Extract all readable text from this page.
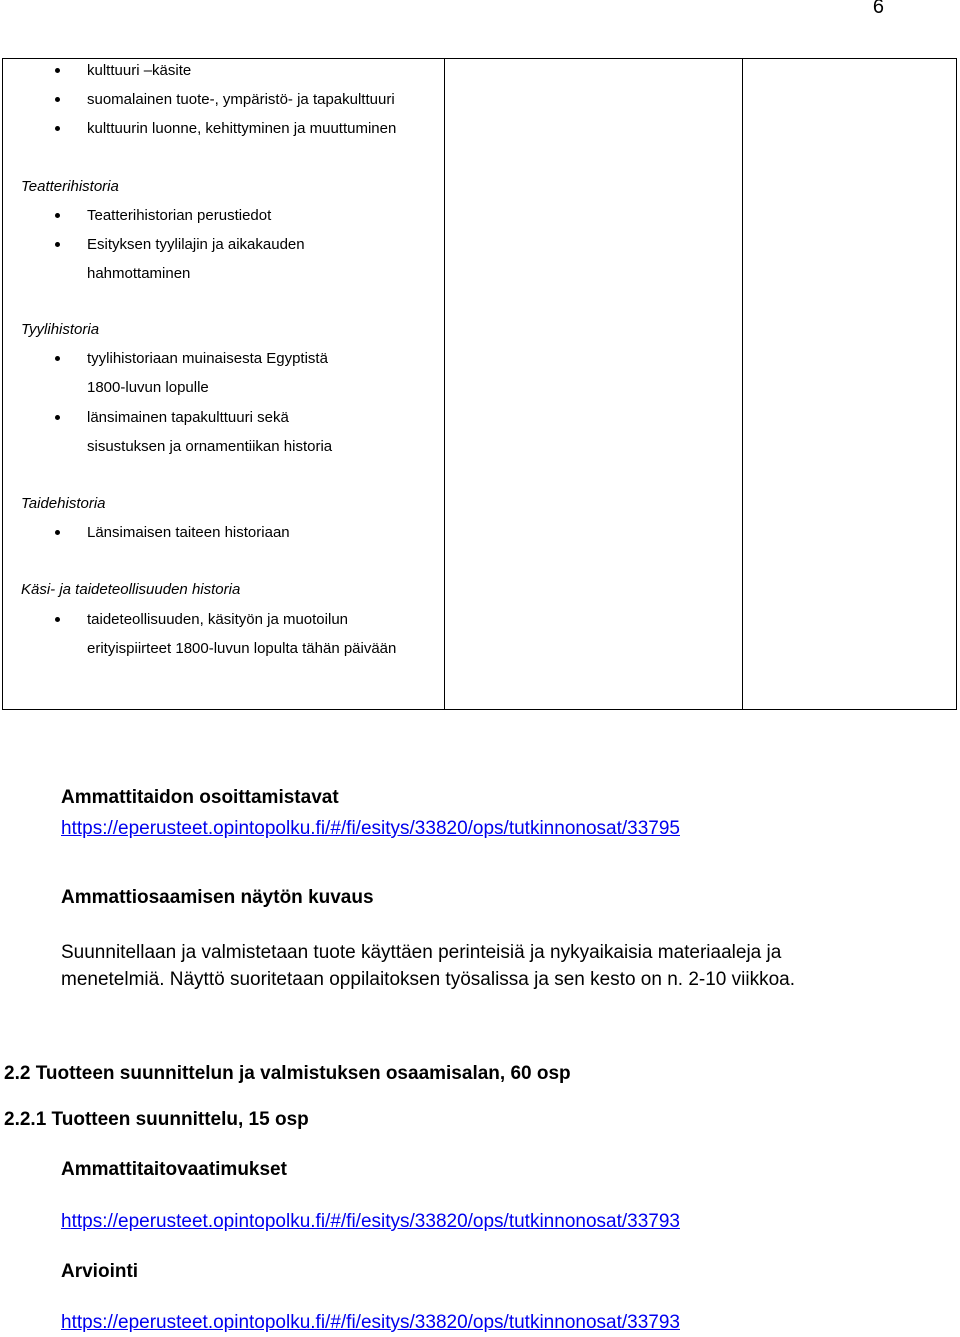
6
kulttuuri –käsite
suomalainen tuote-, ympäristö- ja tapakulttuuri
kulttuurin luonne, kehittyminen ja muuttuminen
Teatterihistoria
Teatterihistorian perustiedot
Esityksen tyylilajin ja aikakauden
hahmottaminen
Tyylihistoria
tyylihistoriaan muinaisesta Egyptistä
1800-luvun lopulle
länsimainen tapakulttuuri sekä
sisustuksen ja ornamentiikan historia
Taidehistoria
Länsimaisen taiteen historiaan
Käsi- ja taideteollisuuden historia
taideteollisuuden, käsityön ja muotoilun
erityispiirteet 1800-luvun lopulta tähän päivään
Ammattitaidon osoittamistavat
https://eperusteet.opintopolku.fi/#/fi/esitys/33820/ops/tutkinnonosat/33795
Ammattiosaamisen näytön kuvaus
Suunnitellaan ja valmistetaan tuote käyttäen perinteisiä ja nykyaikaisia materiaaleja ja
menetelmiä. Näyttö suoritetaan oppilaitoksen työsalissa ja sen kesto on n. 2-10 viikkoa.
2.2 Tuotteen suunnittelun ja valmistuksen osaamisalan, 60 osp
2.2.1 Tuotteen suunnittelu, 15 osp
Ammattitaitovaatimukset
https://eperusteet.opintopolku.fi/#/fi/esitys/33820/ops/tutkinnonosat/33793
Arviointi
https://eperusteet.opintopolku.fi/#/fi/esitys/33820/ops/tutkinnonosat/33793
